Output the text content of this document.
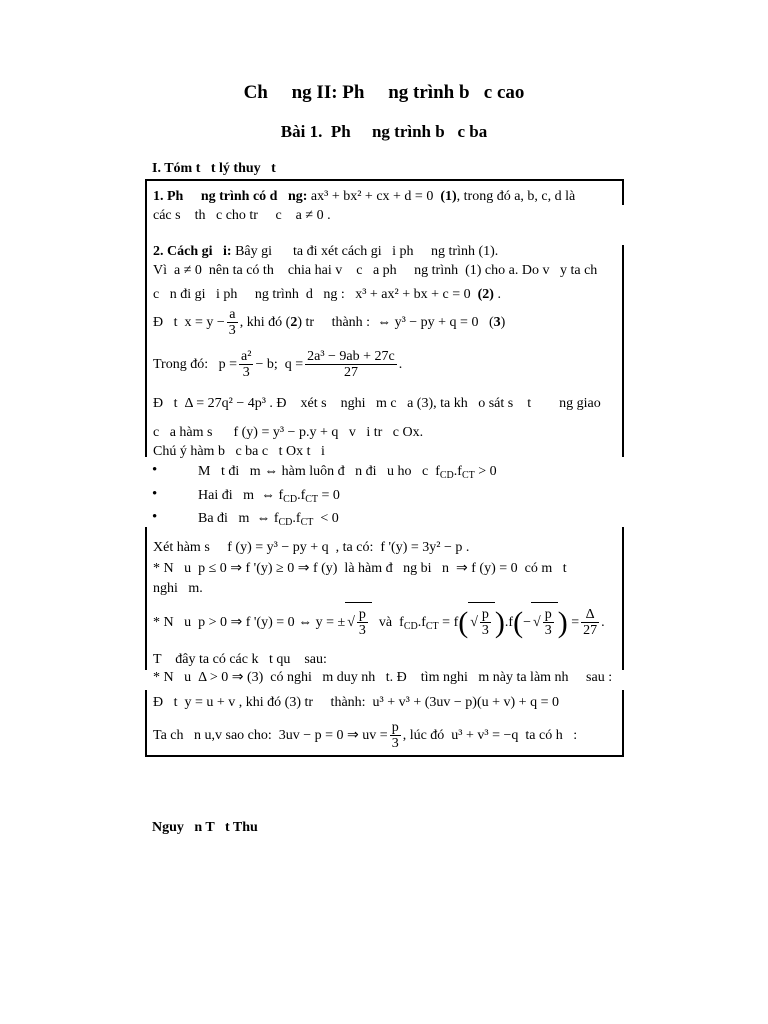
Ch     ng II: Ph     ng trình b   c cao
Bài 1.  Ph     ng trình b   c ba
I. Tóm t   t lý thuy   t
1. Ph     ng trình có d   ng: ax³ + bx² + cx + d = 0 (1), trong đó a, b, c, d là
các s    th   c cho tr     c    a ≠ 0 .
2. Cách gi   i: Bây gi      ta đi xét cách gi   i ph     ng trình (1).
Vì  a ≠ 0  nên ta có th    chia hai v    c   a ph     ng trình  (1) cho a. Do v   y ta ch
c   n đi gi   i ph     ng trình  d   ng :   x³ + ax² + bx + c = 0  (2) .
Đ   t  $x = y - \frac{a}{3}$ , khi đó (2) tr     thành :  ⇔ y³ − py + q = 0   (3)
Trong đó:   $p = \frac{\text{a²}}{3} - b$;  $q = \frac{\text{2a³ − 9ab + 27c}}{27}$ .
Đ   t  Δ = 27q² − 4p³ . Đ    xét s    nghi   m c   a (3), ta kh   o sát s    t        ng giao
c   a hàm s      f (y) = y³ − p.y + q   v   i tr   c Ox.
Chú ý hàm b   c ba c   t Ox t   i
•	M   t đi   m ⇔ hàm luôn đ   n đi   u ho   c  $f_{CD}.f_{CT} > 0$
•	Hai đi   m  ⇔ $f_{CD}.f_{CT} = 0$
•	Ba đi   m  ⇔ $f_{CD}.f_{CT} < 0$
Xét hàm s     f (y) = y³ − py + q  , ta có:  f '(y) = 3y² − p .
* N   u  p ≤ 0 ⇒ f '(y) ≥ 0 ⇒ f (y)  là hàm đ   ng bi   n  ⇒ f (y) = 0  có m   t
nghi   m.
* N   u  p > 0 ⇒ f '(y) = 0 ⇔ y = ± √ $\frac{p}{3}$ và  $f_{CD}.f_{CT} = f$( √ $\frac{p}{3} ).f(-$ √ $\frac{p}{3}$ ) = $\frac{\Delta}{27}$ .
T    đây ta có các k   t qu    sau:
* N   u  Δ > 0 ⇒ (3)  có nghi   m duy nh   t. Đ    tìm nghi   m này ta làm nh     sau :
Đ   t  y = u + v , khi đó (3) tr     thành:  u³ + v³ + (3uv − p)(u + v) + q = 0
Ta ch   n u,v sao cho:  3uv − p = 0 ⇒ uv = $\frac{p}{3}$ , lúc đó  u³ + v³ = −q  ta có h   :
Nguy   n T   t Thu
